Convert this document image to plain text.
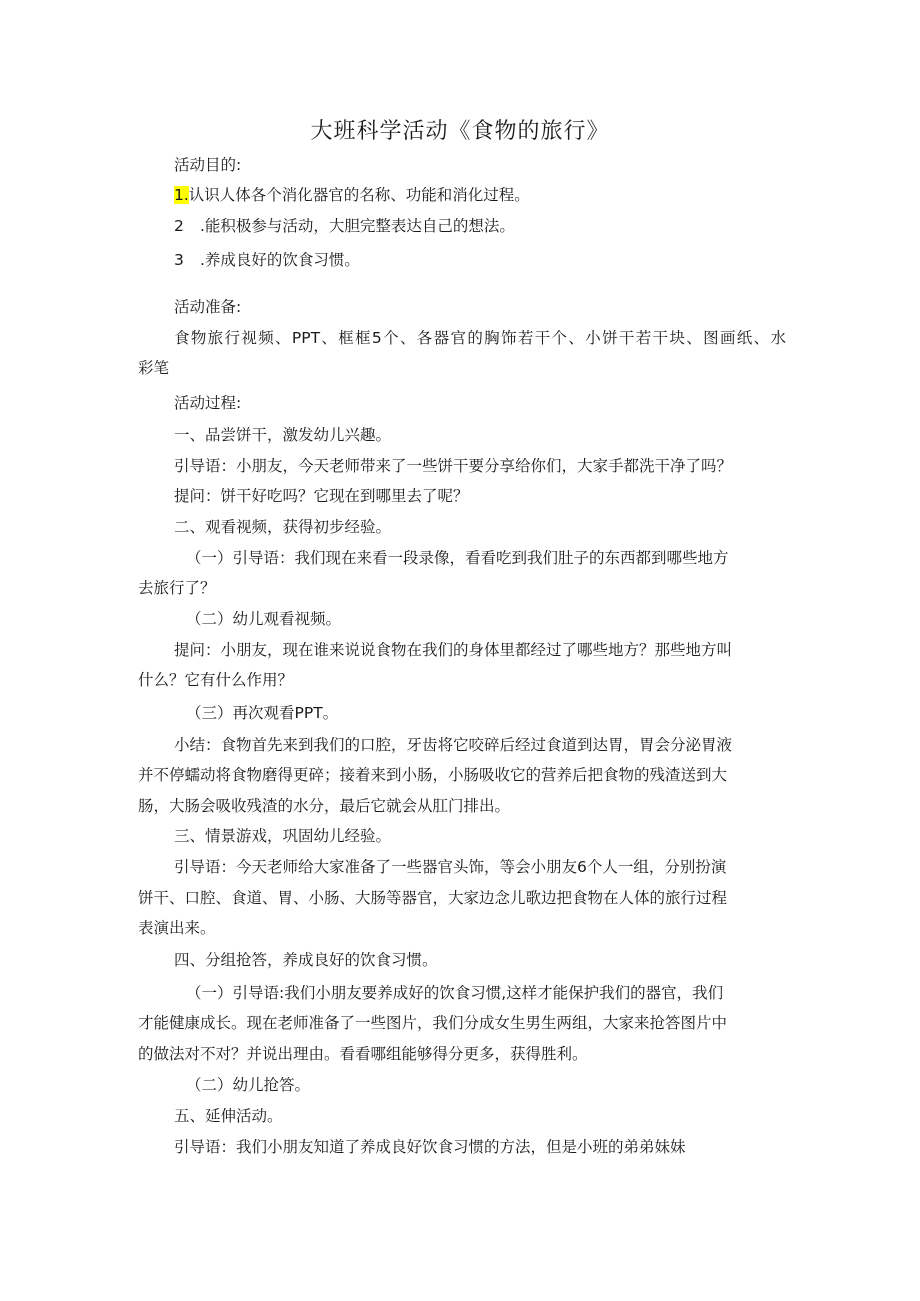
大班科学活动《食物的旅行》
活动目的:
1.认识人体各个消化器官的名称、功能和消化过程。
2 .能积极参与活动，大胆完整表达自己的想法。
3 .养成良好的饮食习惯。
活动准备:
食物旅行视频、PPT、框框5个、各器官的胸饰若干个、小饼干若干块、图画纸、水
彩笔
活动过程:
一、品尝饼干，激发幼儿兴趣。
引导语：小朋友，今天老师带来了一些饼干要分享给你们，大家手都洗干净了吗？
提问：饼干好吃吗？它现在到哪里去了呢？
二、观看视频，获得初步经验。
（一）引导语：我们现在来看一段录像，看看吃到我们肚子的东西都到哪些地方
去旅行了？
（二）幼儿观看视频。
提问：小朋友，现在谁来说说食物在我们的身体里都经过了哪些地方？那些地方叫
什么？它有什么作用？
（三）再次观看PPT。
小结：食物首先来到我们的口腔，牙齿将它咬碎后经过食道到达胃，胃会分泌胃液
并不停蠕动将食物磨得更碎；接着来到小肠，小肠吸收它的营养后把食物的残渣送到大
肠，大肠会吸收残渣的水分，最后它就会从肛门排出。
三、情景游戏，巩固幼儿经验。
引导语：今天老师给大家准备了一些器官头饰，等会小朋友6个人一组，分别扮演
饼干、口腔、食道、胃、小肠、大肠等器官，大家边念儿歌边把食物在人体的旅行过程
表演出来。
四、分组抢答，养成良好的饮食习惯。
（一）引导语:我们小朋友要养成好的饮食习惯,这样才能保护我们的器官，我们
才能健康成长。现在老师准备了一些图片，我们分成女生男生两组，大家来抢答图片中
的做法对不对？并说出理由。看看哪组能够得分更多，获得胜利。
（二）幼儿抢答。
五、延伸活动。
引导语：我们小朋友知道了养成良好饮食习惯的方法，但是小班的弟弟妹妹
